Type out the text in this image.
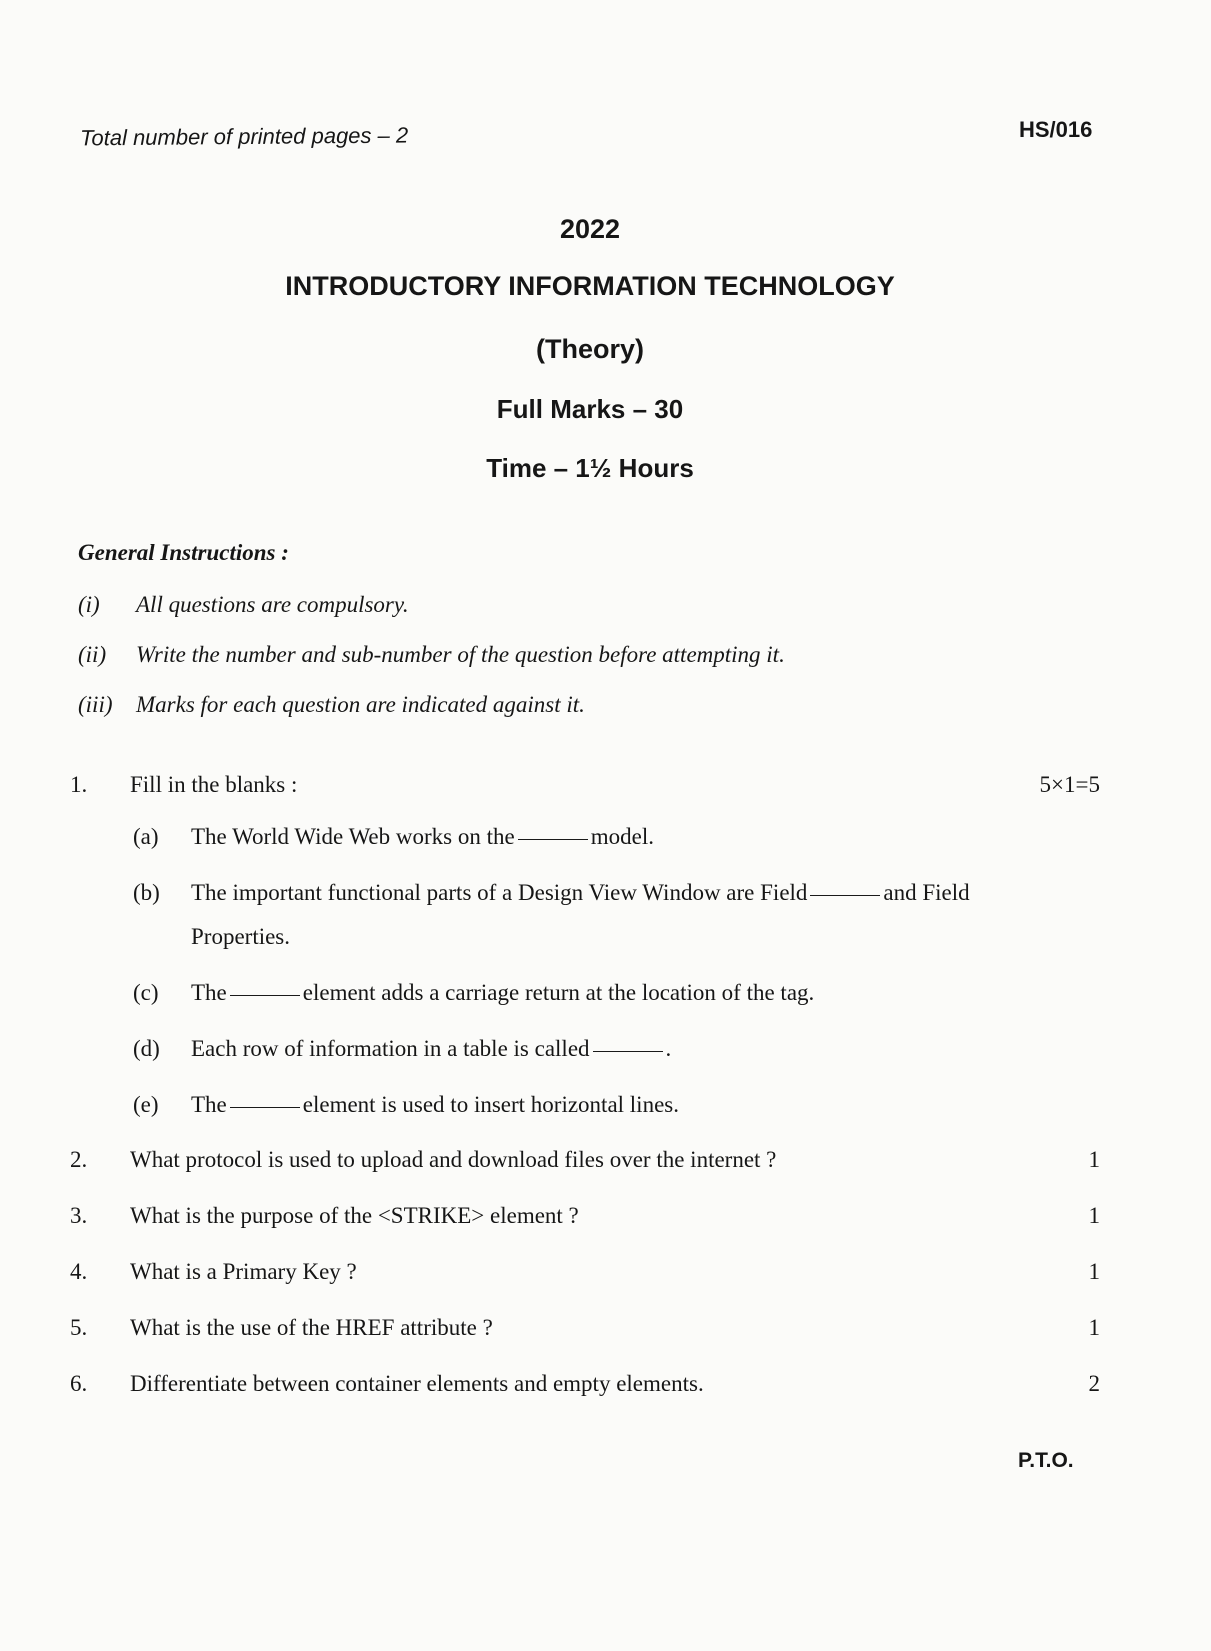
Total number of printed pages – 2	HS/016
2022
INTRODUCTORY INFORMATION TECHNOLOGY
(Theory)
Full Marks – 30
Time – 1½ Hours
General Instructions :
(i)	All questions are compulsory.
(ii)	Write the number and sub-number of the question before attempting it.
(iii)	Marks for each question are indicated against it.
1. Fill in the blanks :	5×1=5
(a) The World Wide Web works on the	model.
(b) The important functional parts of a Design View Window are Field	and Field
Properties.
(c) The	element adds a carriage return at the location of the tag.
(d) Each row of information in a table is called	.
(e) The	element is used to insert horizontal lines.
2. What protocol is used to upload and download files over the internet ?	1
3. What is the purpose of the <STRIKE> element ?	1
4. What is a Primary Key ?	1
5. What is the use of the HREF attribute ?	1
6. Differentiate between container elements and empty elements.	2
P.T.O.
